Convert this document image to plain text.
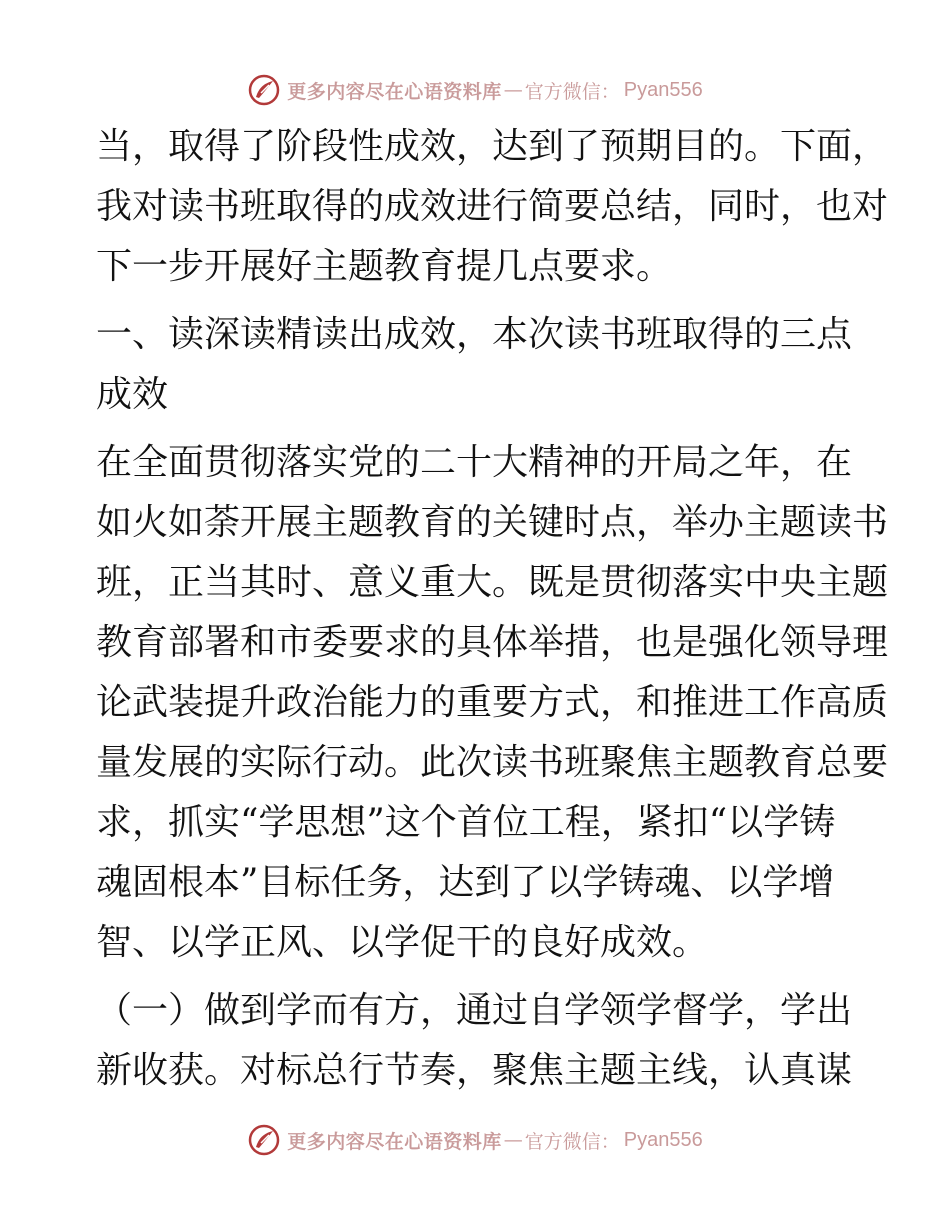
更多内容尽在心语资料库 — 官方微信： Pyan556

当，取得了阶段性成效，达到了预期目的。下面，
我对读书班取得的成效进行简要总结，同时，也对
下一步开展好主题教育提几点要求。

一、读深读精读出成效，本次读书班取得的三点
成效

在全面贯彻落实党的二十大精神的开局之年，在
如火如荼开展主题教育的关键时点，举办主题读书
班，正当其时、意义重大。既是贯彻落实中央主题
教育部署和市委要求的具体举措，也是强化领导理
论武装提升政治能力的重要方式，和推进工作高质
量发展的实际行动。此次读书班聚焦主题教育总要
求，抓实“学思想”这个首位工程，紧扣“以学铸
魂固根本”目标任务，达到了以学铸魂、以学增
智、以学正风、以学促干的良好成效。

（一）做到学而有方，通过自学领学督学，学出
新收获。对标总行节奏，聚焦主题主线，认真谋

更多内容尽在心语资料库 — 官方微信： Pyan556
